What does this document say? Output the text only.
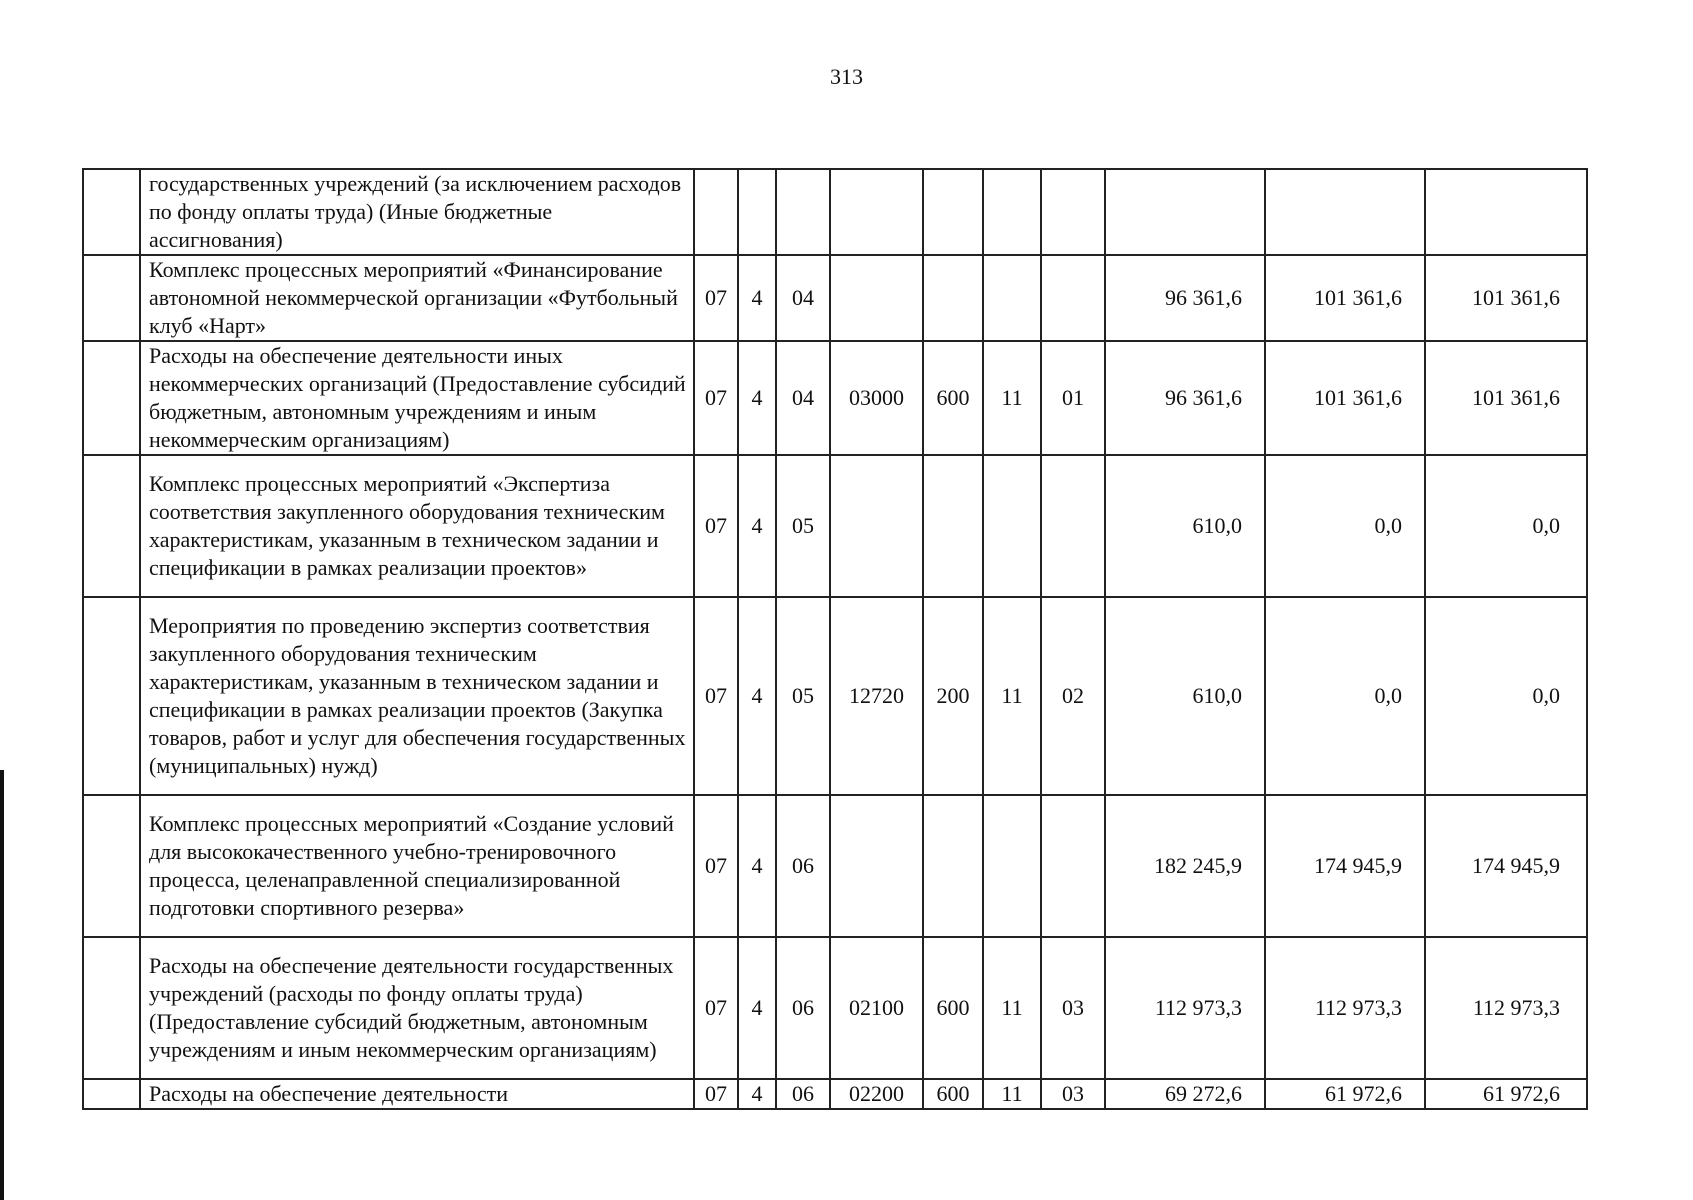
313
	государственных учреждений (за исключением расходов по фонду оплаты труда) (Иные бюджетные ассигнования)										
	Комплекс процессных мероприятий «Финансирование автономной некоммерческой организации «Футбольный клуб «Нарт»	07	4	04					96 361,6	101 361,6	101 361,6
	Расходы на обеспечение деятельности иных некоммерческих организаций (Предоставление субсидий бюджетным, автономным учреждениям и иным некоммерческим организациям)	07	4	04	03000	600	11	01	96 361,6	101 361,6	101 361,6
	Комплекс процессных мероприятий «Экспертиза соответствия закупленного оборудования техническим характеристикам, указанным в техническом задании и спецификации в рамках реализации проектов»	07	4	05					610,0	0,0	0,0
	Мероприятия по проведению экспертиз соответствия закупленного оборудования техническим характеристикам, указанным в техническом задании и спецификации в рамках реализации проектов (Закупка товаров, работ и услуг для обеспечения государственных (муниципальных) нужд)	07	4	05	12720	200	11	02	610,0	0,0	0,0
	Комплекс процессных мероприятий «Создание условий для высококачественного учебно-тренировочного процесса, целенаправленной специализированной подготовки спортивного резерва»	07	4	06					182 245,9	174 945,9	174 945,9
	Расходы на обеспечение деятельности государственных учреждений (расходы по фонду оплаты труда) (Предоставление субсидий бюджетным, автономным учреждениям и иным некоммерческим организациям)	07	4	06	02100	600	11	03	112 973,3	112 973,3	112 973,3
	Расходы на обеспечение деятельности	07	4	06	02200	600	11	03	69 272,6	61 972,6	61 972,6
